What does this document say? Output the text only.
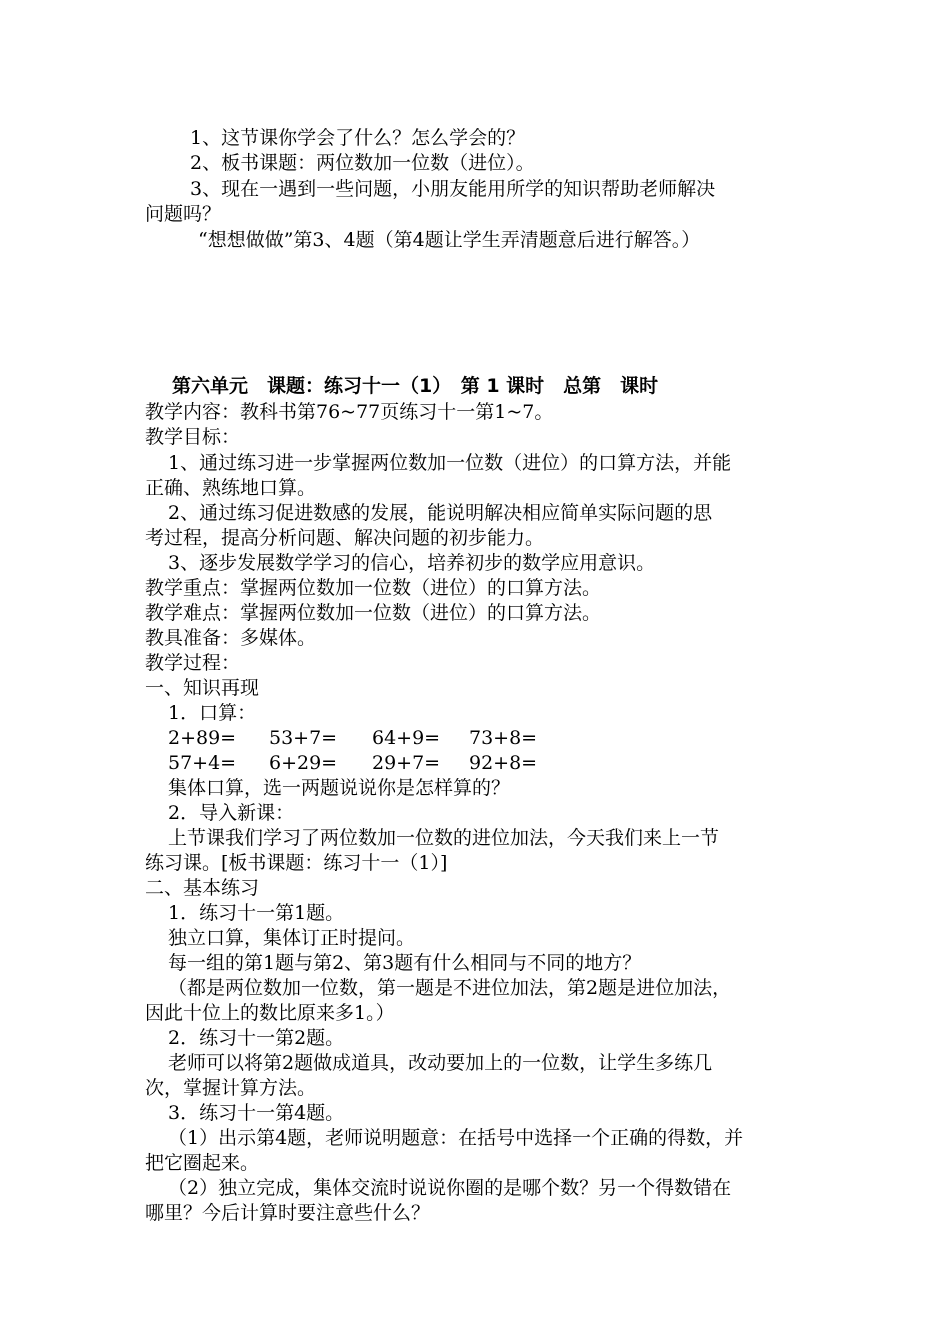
1、这节课你学会了什么？怎么学会的？
2、板书课题：两位数加一位数（进位）。
3、现在一遇到一些问题，小朋友能用所学的知识帮助老师解决
问题吗？
“想想做做”第3、4题（第4题让学生弄清题意后进行解答。）
第六单元　课题：练习十一（1）　第 1 课时　总第　课时
教学内容：教科书第76~77页练习十一第1~7。
教学目标：
1、通过练习进一步掌握两位数加一位数（进位）的口算方法，并能
正确、熟练地口算。
2、通过练习促进数感的发展，能说明解决相应简单实际问题的思
考过程，提高分析问题、解决问题的初步能力。
3、逐步发展数学学习的信心，培养初步的数学应用意识。
教学重点：掌握两位数加一位数（进位）的口算方法。
教学难点：掌握两位数加一位数（进位）的口算方法。
教具准备：多媒体。
教学过程：
一、知识再现
1．口算：
2+89= 53+7= 64+9= 73+8=
57+4= 6+29= 29+7= 92+8=
集体口算，选一两题说说你是怎样算的？
2．导入新课：
上节课我们学习了两位数加一位数的进位加法，今天我们来上一节
练习课。[板书课题：练习十一（1）]
二、基本练习
1．练习十一第1题。
独立口算，集体订正时提问。
每一组的第1题与第2、第3题有什么相同与不同的地方？
（都是两位数加一位数，第一题是不进位加法，第2题是进位加法，
因此十位上的数比原来多1。）
2．练习十一第2题。
老师可以将第2题做成道具，改动要加上的一位数，让学生多练几
次，掌握计算方法。
3．练习十一第4题。
（1）出示第4题，老师说明题意：在括号中选择一个正确的得数，并
把它圈起来。
（2）独立完成，集体交流时说说你圈的是哪个数？另一个得数错在
哪里？今后计算时要注意些什么？
